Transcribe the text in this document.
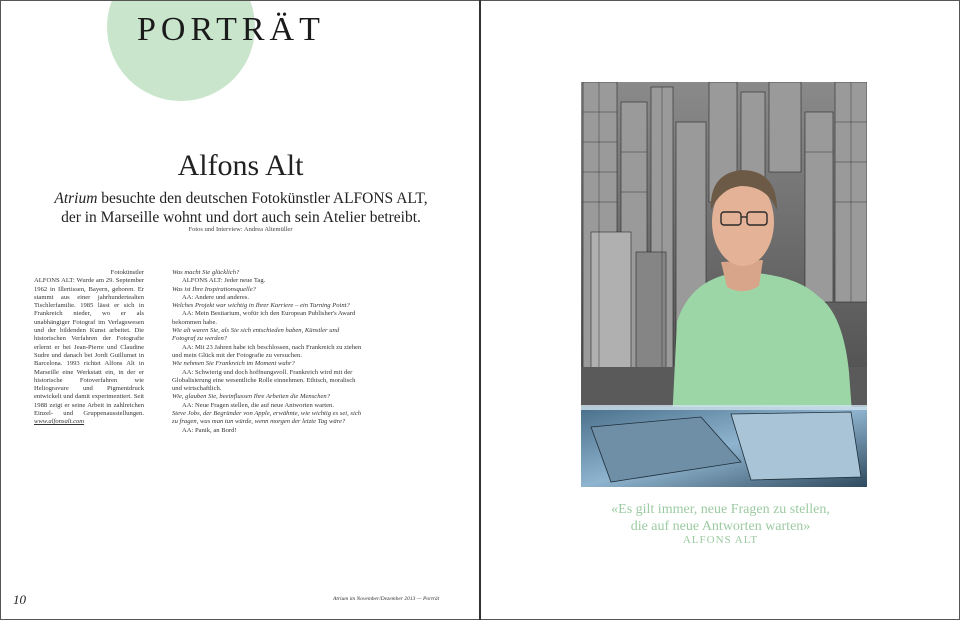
PORTRÄT
Alfons Alt
Atrium besuchte den deutschen Fotokünstler ALFONS ALT,
der in Marseille wohnt und dort auch sein Atelier betreibt.
Fotos und Interview: Andrea Altemüller
Fotokünstler
ALFONS ALT: Wurde am 29. September 1962 in Illertissen, Bayern, geboren. Er stammt aus einer jahrhundertealten Tischlerfamilie. 1985 lässt er sich in Frankreich nieder, wo er als unabhängiger Fotograf im Verlagswesen und der bildenden Kunst arbeitet. Die historischen Verfahren der Fotografie erlernt er bei Jean-Pierre und Claudine Sudre und danach bei Jordi Guillumet in Barcelona. 1993 richtet Alfons Alt in Marseille eine Werkstatt ein, in der er historische Fotoverfahren wie Heliogravure und Pigmentdruck entwickelt und damit experimentiert. Seit 1988 zeigt er seine Arbeit in zahlreichen Einzel- und Gruppenausstellungen. www.alfonsalt.com
Was macht Sie glücklich?
ALFONS ALT: Jeder neue Tag.
Was ist Ihre Inspirationsquelle?
AA: Andere und anderes.
Welches Projekt war wichtig in Ihrer Karriere – ein Turning Point?
AA: Mein Bestiarium, wofür ich den European Publisher's Award bekommen habe.
Wie alt waren Sie, als Sie sich entschieden haben, Künstler und Fotograf zu werden?
AA: Mit 23 Jahren habe ich beschlossen, nach Frankreich zu ziehen und mein Glück mit der Fotografie zu versuchen.
Wie nehmen Sie Frankreich im Moment wahr?
AA: Schwierig und doch hoffnungsvoll. Frankreich wird mit der Globalisierung eine wesentliche Rolle einnehmen. Ethisch, moralisch und wirtschaftlich.
Wie, glauben Sie, beeinflussen Ihre Arbeiten die Menschen?
AA: Neue Fragen stellen, die auf neue Antworten warten.
Steve Jobs, der Begründer von Apple, erwähnte, wie wichtig es sei, sich zu fragen, was man tun würde, wenn morgen der letzte Tag wäre?
AA: Panik, an Bord!
10	Atrium im November/Dezember 2013 — Porträt
«Es gilt immer, neue Fragen zu stellen,
die auf neue Antworten warten»
ALFONS ALT
